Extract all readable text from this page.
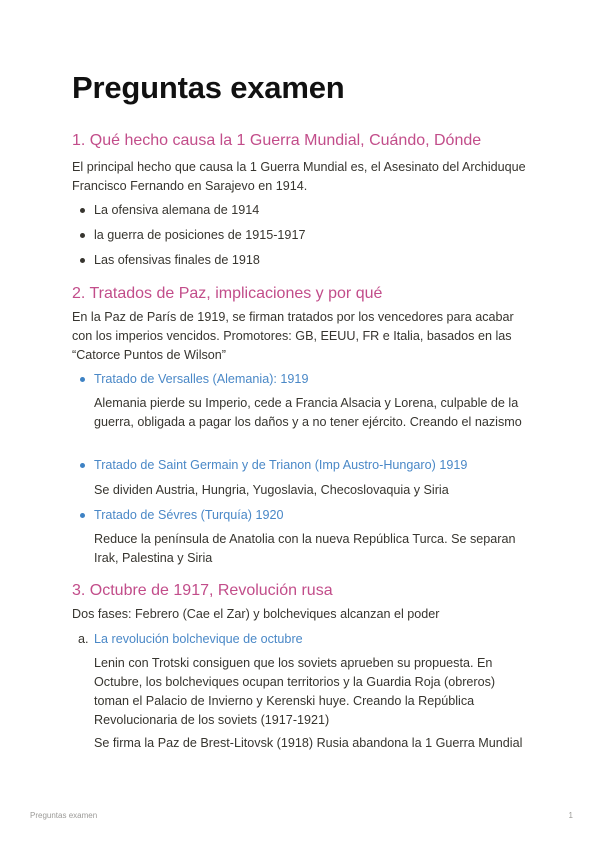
Preguntas examen
1. Qué hecho causa la 1 Guerra Mundial, Cuándo, Dónde

El principal hecho que causa la 1 Guerra Mundial es, el Asesinato del Archiduque Francisco Fernando en Sarajevo en 1914.

La ofensiva alemana de 1914
la guerra de posiciones de 1915-1917
Las ofensivas finales de 1918
2. Tratados de Paz, implicaciones y por qué

En la Paz de París de 1919, se firman tratados por los vencedores para acabar con los imperios vencidos. Promotores: GB, EEUU, FR e Italia, basados en las “Catorce Puntos de Wilson”

Tratado de Versalles (Alemania): 1919

Alemania pierde su Imperio, cede a Francia Alsacia y Lorena, culpable de la guerra, obligada a pagar los daños y a no tener ejército. Creando el nazismo

Tratado de Saint Germain y de Trianon (Imp Austro-Hungaro) 1919

Se dividen Austria, Hungria, Yugoslavia, Checoslovaquia y Siria

Tratado de Sévres (Turquía) 1920

Reduce la península de Anatolia con la nueva República Turca. Se separan Irak, Palestina y Siria

3. Octubre de 1917, Revolución rusa

Dos fases: Febrero (Cae el Zar) y bolcheviques alcanzan el poder

a. La revolución bolchevique de octubre

Lenin con Trotski consiguen que los soviets aprueben su propuesta. En Octubre, los bolcheviques ocupan territorios y la Guardia Roja (obreros) toman el Palacio de Invierno y Kerenski huye. Creando la República Revolucionaria de los soviets (1917-1921)

Se firma la Paz de Brest-Litovsk (1918) Rusia abandona la 1 Guerra Mundial

Preguntas examen	1
